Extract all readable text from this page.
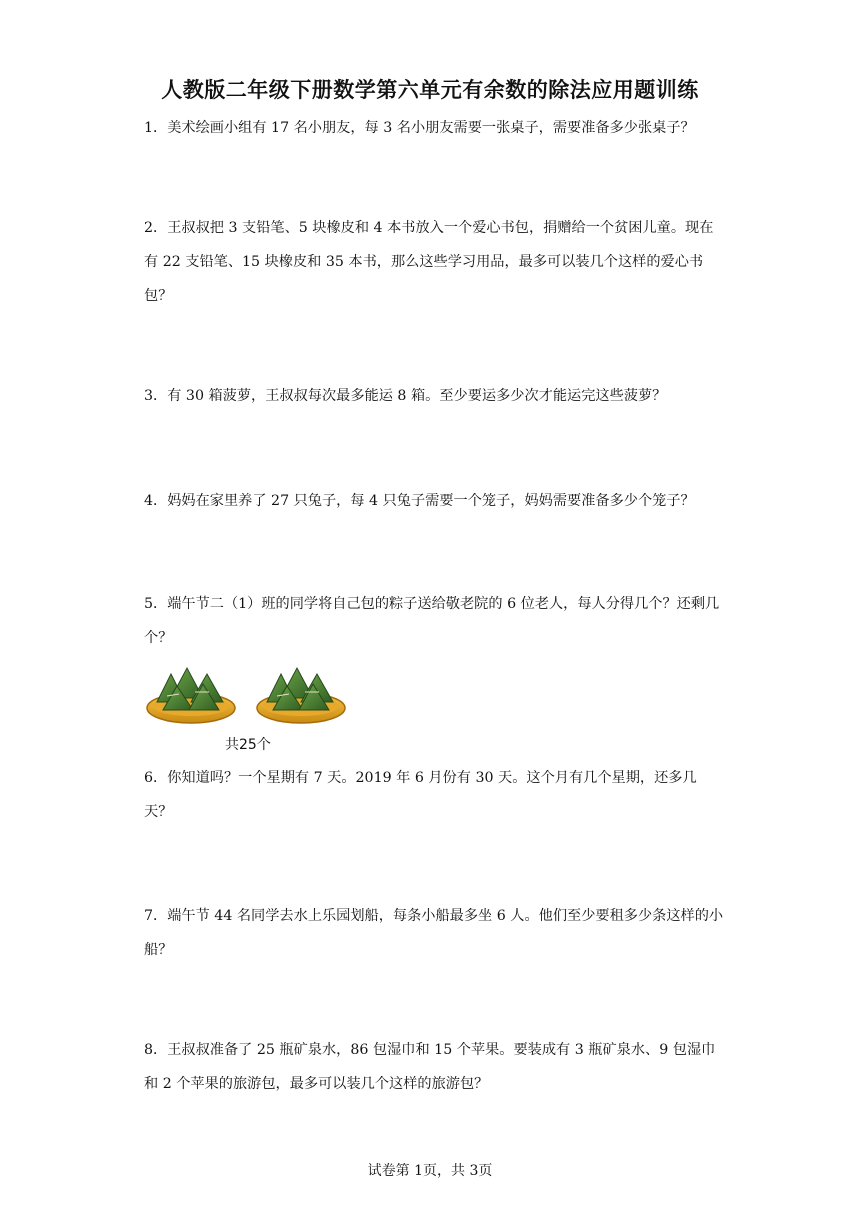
人教版二年级下册数学第六单元有余数的除法应用题训练

1．美术绘画小组有 17 名小朋友，每 3 名小朋友需要一张桌子，需要准备多少张桌子？

2．王叔叔把 3 支铅笔、5 块橡皮和 4 本书放入一个爱心书包，捐赠给一个贫困儿童。现在有 22 支铅笔、15 块橡皮和 35 本书，那么这些学习用品，最多可以装几个这样的爱心书包？

3．有 30 箱菠萝，王叔叔每次最多能运 8 箱。至少要运多少次才能运完这些菠萝？

4．妈妈在家里养了 27 只兔子，每 4 只兔子需要一个笼子，妈妈需要准备多少个笼子？

5．端午节二（1）班的同学将自己包的粽子送给敬老院的 6 位老人，每人分得几个？还剩几个？

共25个

6．你知道吗？一个星期有 7 天。2019 年 6 月份有 30 天。这个月有几个星期，还多几天？

7．端午节 44 名同学去水上乐园划船，每条小船最多坐 6 人。他们至少要租多少条这样的小船？

8．王叔叔准备了 25 瓶矿泉水，86 包湿巾和 15 个苹果。要装成有 3 瓶矿泉水、9 包湿巾和 2 个苹果的旅游包，最多可以装几个这样的旅游包？

试卷第 1页，共 3页
